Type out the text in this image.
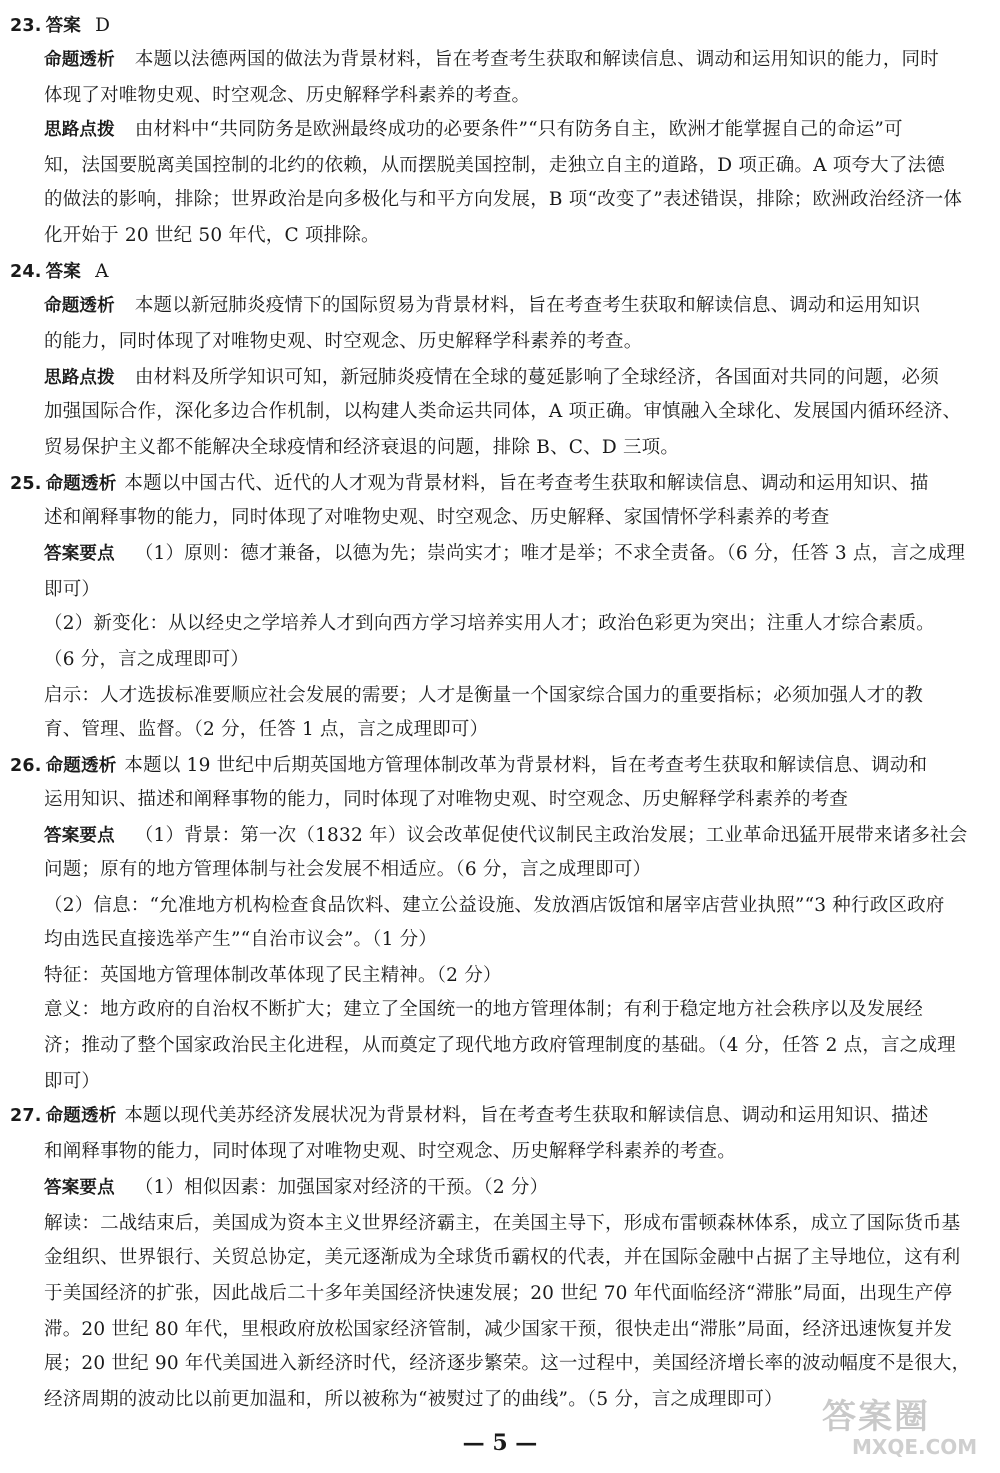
23. 答案 D
命题透析 本题以法德两国的做法为背景材料，旨在考查考生获取和解读信息、调动和运用知识的能力，同时
体现了对唯物史观、时空观念、历史解释学科素养的考查。
思路点拨 由材料中“共同防务是欧洲最终成功的必要条件”“只有防务自主，欧洲才能掌握自己的命运”可
知，法国要脱离美国控制的北约的依赖，从而摆脱美国控制，走独立自主的道路，D 项正确。A 项夸大了法德
的做法的影响，排除；世界政治是向多极化与和平方向发展，B 项“改变了”表述错误，排除；欧洲政治经济一体
化开始于 20 世纪 50 年代，C 项排除。
24. 答案 A
命题透析 本题以新冠肺炎疫情下的国际贸易为背景材料，旨在考查考生获取和解读信息、调动和运用知识
的能力，同时体现了对唯物史观、时空观念、历史解释学科素养的考查。
思路点拨 由材料及所学知识可知，新冠肺炎疫情在全球的蔓延影响了全球经济，各国面对共同的问题，必须
加强国际合作，深化多边合作机制，以构建人类命运共同体，A 项正确。审慎融入全球化、发展国内循环经济、
贸易保护主义都不能解决全球疫情和经济衰退的问题，排除 B、C、D 三项。
25. 命题透析 本题以中国古代、近代的人才观为背景材料，旨在考查考生获取和解读信息、调动和运用知识、描
述和阐释事物的能力，同时体现了对唯物史观、时空观念、历史解释、家国情怀学科素养的考查
答案要点 （1）原则：德才兼备，以德为先；崇尚实才；唯才是举；不求全责备。（6 分，任答 3 点，言之成理
即可）
（2）新变化：从以经史之学培养人才到向西方学习培养实用人才；政治色彩更为突出；注重人才综合素质。
（6 分，言之成理即可）
启示：人才选拔标准要顺应社会发展的需要；人才是衡量一个国家综合国力的重要指标；必须加强人才的教
育、管理、监督。（2 分，任答 1 点，言之成理即可）
26. 命题透析 本题以 19 世纪中后期英国地方管理体制改革为背景材料，旨在考查考生获取和解读信息、调动和
运用知识、描述和阐释事物的能力，同时体现了对唯物史观、时空观念、历史解释学科素养的考查
答案要点 （1）背景：第一次（1832 年）议会改革促使代议制民主政治发展；工业革命迅猛开展带来诸多社会
问题；原有的地方管理体制与社会发展不相适应。（6 分，言之成理即可）
（2）信息：“允准地方机构检查食品饮料、建立公益设施、发放酒店饭馆和屠宰店营业执照”“3 种行政区政府
均由选民直接选举产生”“自治市议会”。（1 分）
特征：英国地方管理体制改革体现了民主精神。（2 分）
意义：地方政府的自治权不断扩大；建立了全国统一的地方管理体制；有利于稳定地方社会秩序以及发展经
济；推动了整个国家政治民主化进程，从而奠定了现代地方政府管理制度的基础。（4 分，任答 2 点，言之成理
即可）
27. 命题透析 本题以现代美苏经济发展状况为背景材料，旨在考查考生获取和解读信息、调动和运用知识、描述
和阐释事物的能力，同时体现了对唯物史观、时空观念、历史解释学科素养的考查。
答案要点 （1）相似因素：加强国家对经济的干预。（2 分）
解读：二战结束后，美国成为资本主义世界经济霸主，在美国主导下，形成布雷顿森林体系，成立了国际货币基
金组织、世界银行、关贸总协定，美元逐渐成为全球货币霸权的代表，并在国际金融中占据了主导地位，这有利
于美国经济的扩张，因此战后二十多年美国经济快速发展；20 世纪 70 年代面临经济“滞胀”局面，出现生产停
滞。20 世纪 80 年代，里根政府放松国家经济管制，减少国家干预，很快走出“滞胀”局面，经济迅速恢复并发
展；20 世纪 90 年代美国进入新经济时代，经济逐步繁荣。这一过程中，美国经济增长率的波动幅度不是很大，
经济周期的波动比以前更加温和，所以被称为“被熨过了的曲线”。（5 分，言之成理即可）
— 5 —
答案圈
MXQE.COM
